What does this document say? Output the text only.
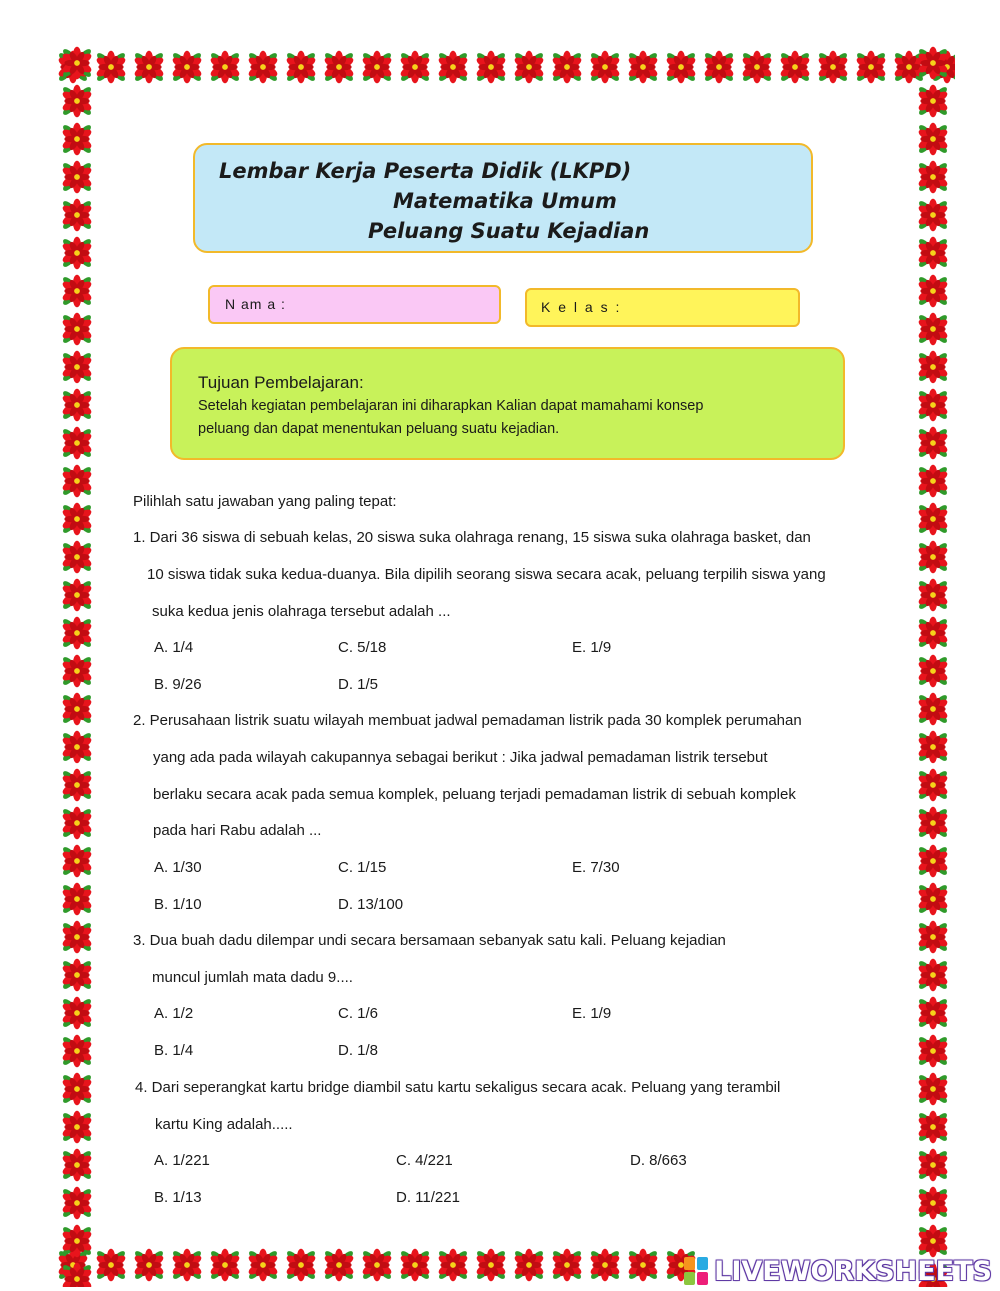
Lembar Kerja Peserta Didik (LKPD)
Matematika Umum
Peluang Suatu Kejadian
N am a :	K e l a s :
Tujuan Pembelajaran:
Setelah kegiatan pembelajaran ini diharapkan Kalian dapat mamahami konsep
peluang dan dapat menentukan peluang suatu kejadian.
Pilihlah satu jawaban yang paling tepat:
1. Dari 36 siswa di sebuah kelas, 20 siswa suka olahraga renang, 15 siswa suka olahraga basket, dan
10 siswa tidak suka kedua-duanya. Bila dipilih seorang siswa secara acak, peluang terpilih siswa yang
suka kedua jenis olahraga tersebut adalah ...
A. 1/4	C. 5/18	E. 1/9
B. 9/26	D. 1/5
2. Perusahaan listrik suatu wilayah membuat jadwal pemadaman listrik pada 30 komplek perumahan
yang ada pada wilayah cakupannya sebagai berikut : Jika jadwal pemadaman listrik tersebut
berlaku secara acak pada semua komplek, peluang terjadi pemadaman listrik di sebuah komplek
pada hari Rabu adalah ...
A. 1/30	C. 1/15	E. 7/30
B. 1/10	D. 13/100
3. Dua buah dadu dilempar undi secara bersamaan sebanyak satu kali. Peluang kejadian
muncul jumlah mata dadu 9....
A. 1/2	C. 1/6	E. 1/9
B. 1/4	D. 1/8
4. Dari seperangkat kartu bridge diambil satu kartu sekaligus secara acak. Peluang yang terambil
kartu King adalah.....
A. 1/221	C. 4/221	D. 8/663
B. 1/13	D. 11/221
LIVEWORKSHEETS
